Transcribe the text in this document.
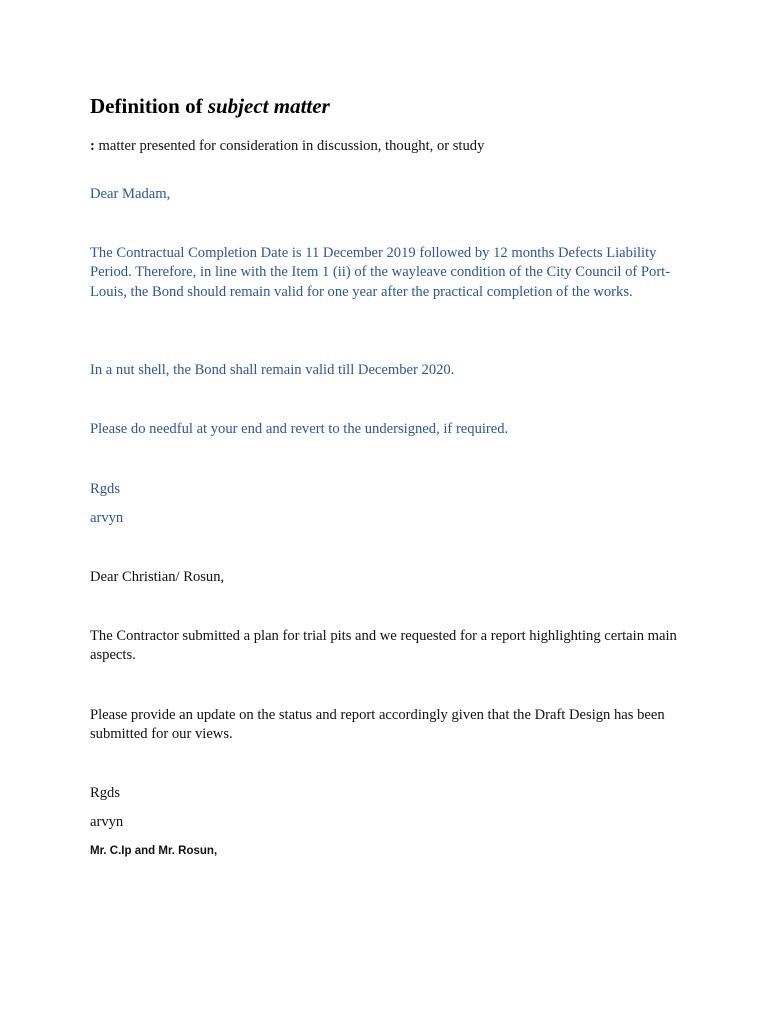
Definition of subject matter

: matter presented for consideration in discussion, thought, or study

Dear Madam,

The Contractual Completion Date is 11 December 2019 followed by 12 months Defects Liability Period. Therefore, in line with the Item 1 (ii) of the wayleave condition of the City Council of Port-Louis, the Bond should remain valid for one year after the practical completion of the works.

In a nut shell, the Bond shall remain valid till December 2020.

Please do needful at your end and revert to the undersigned, if required.

Rgds

arvyn

Dear Christian/ Rosun,

The Contractor submitted a plan for trial pits and we requested for a report highlighting certain main aspects.

Please provide an update on the status and report accordingly given that the Draft Design has been submitted for our views.

Rgds

arvyn

Mr. C.Ip and Mr. Rosun,
